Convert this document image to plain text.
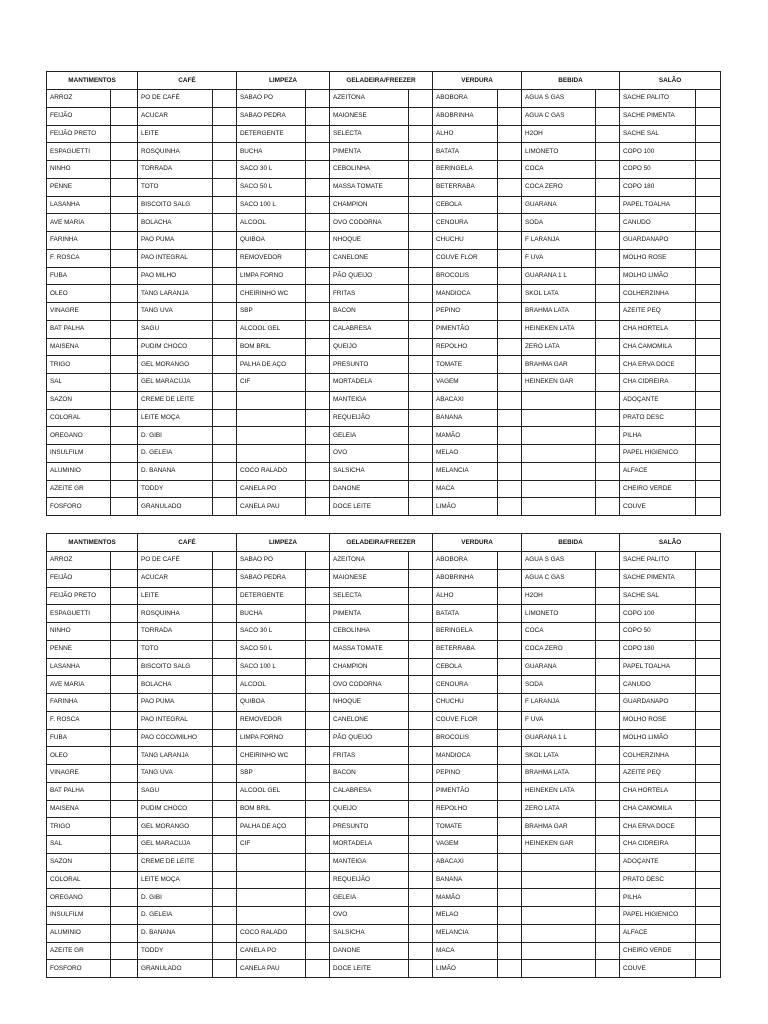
MANTIMENTOS		CAFÉ		LIMPEZA		GELADEIRA/FREEZER		VERDURA		BEBIDA		SALÃO	
ARROZ		PO DE CAFÉ		SABAO PO		AZEITONA		ABOBORA		AGUA S GAS		SACHE PALITO	
FEIJÃO		ACUCAR		SABAO PEDRA		MAIONESE		ABOBRINHA		AGUA C GAS		SACHE PIMENTA	
FEIJÃO PRETO		LEITE		DETERGENTE		SELECTA		ALHO		H2OH		SACHE SAL	
ESPAGUETTI		ROSQUINHA		BUCHA		PIMENTA		BATATA		LIMONETO		COPO 100	
NINHO		TORRADA		SACO 30 L		CEBOLINHA		BERINGELA		COCA		COPO 50	
PENNE		TOTO		SACO 50 L		MASSA TOMATE		BETERRABA		COCA ZERO		COPO 180	
LASANHA		BISCOITO SALG		SACO 100 L		CHAMPION		CEBOLA		GUARANA		PAPEL TOALHA	
AVE MARIA		BOLACHA		ALCOOL		OVO CODORNA		CENOURA		SODA		CANUDO	
FARINHA		PAO PUMA		QUIBOA		NHOQUE		CHUCHU		F LARANJA		GUARDANAPO	
F. ROSCA		PAO INTEGRAL		REMOVEDOR		CANELONE		COUVE FLOR		F UVA		MOLHO ROSE	
FUBA		PAO MILHO		LIMPA FORNO		PÃO QUEIJO		BROCOLIS		GUARANA 1 L		MOLHO LIMÃO	
OLEO		TANG LARANJA		CHEIRINHO WC		FRITAS		MANDIOCA		SKOL LATA		COLHERZINHA	
VINAGRE		TANG UVA		SBP		BACON		PEPINO		BRAHMA LATA		AZEITE PEQ	
BAT PALHA		SAGU		ALCOOL GEL		CALABRESA		PIMENTÃO		HEINEKEN LATA		CHA HORTELA	
MAISENA		PUDIM CHOCO		BOM BRIL		QUEIJO		REPOLHO		ZERO LATA		CHA CAMOMILA	
TRIGO		GEL MORANGO		PALHA DE AÇO		PRESUNTO		TOMATE		BRAHMA GAR		CHA ERVA DOCE	
SAL		GEL MARACUJA		CIF		MORTADELA		VAGEM		HEINEKEN GAR		CHA CIDREIRA	
SAZON		CREME DE LEITE				MANTEIGA		ABACAXI				ADOÇANTE	
COLORAL		LEITE MOÇA				REQUEIJÃO		BANANA				PRATO DESC	
OREGANO		D. GIBI				GELEIA		MAMÃO				PILHA	
INSULFILM		D. GELEIA				OVO		MELAO				PAPEL HIGIENICO	
ALUMINIO		D. BANANA		COCO RALADO		SALSICHA		MELANCIA				ALFACE	
AZEITE GR		TODDY		CANELA PO		DANONE		MACA				CHEIRO VERDE	
FOSFORO		GRANULADO		CANELA PAU		DOCE LEITE		LIMÃO				COUVE	
MANTIMENTOS		CAFÉ		LIMPEZA		GELADEIRA/FREEZER		VERDURA		BEBIDA		SALÃO	
ARROZ		PO DE CAFÉ		SABAO PO		AZEITONA		ABOBORA		AGUA S GAS		SACHE PALITO	
FEIJÃO		ACUCAR		SABAO PEDRA		MAIONESE		ABOBRINHA		AGUA C GAS		SACHE PIMENTA	
FEIJÃO PRETO		LEITE		DETERGENTE		SELECTA		ALHO		H2OH		SACHE SAL	
ESPAGUETTI		ROSQUINHA		BUCHA		PIMENTA		BATATA		LIMONETO		COPO 100	
NINHO		TORRADA		SACO 30 L		CEBOLINHA		BERINGELA		COCA		COPO 50	
PENNE		TOTO		SACO 50 L		MASSA TOMATE		BETERRABA		COCA ZERO		COPO 180	
LASANHA		BISCOITO SALG		SACO 100 L		CHAMPION		CEBOLA		GUARANA		PAPEL TOALHA	
AVE MARIA		BOLACHA		ALCOOL		OVO CODORNA		CENOURA		SODA		CANUDO	
FARINHA		PAO PUMA		QUIBOA		NHOQUE		CHUCHU		F LARANJA		GUARDANAPO	
F. ROSCA		PAO INTEGRAL		REMOVEDOR		CANELONE		COUVE FLOR		F UVA		MOLHO ROSE	
FUBA		PAO COCO/MILHO		LIMPA FORNO		PÃO QUEIJO		BROCOLIS		GUARANA 1 L		MOLHO LIMÃO	
OLEO		TANG LARANJA		CHEIRINHO WC		FRITAS		MANDIOCA		SKOL LATA		COLHERZINHA	
VINAGRE		TANG UVA		SBP		BACON		PEPINO		BRAHMA LATA		AZEITE PEQ	
BAT PALHA		SAGU		ALCOOL GEL		CALABRESA		PIMENTÃO		HEINEKEN LATA		CHA HORTELA	
MAISENA		PUDIM CHOCO		BOM BRIL		QUEIJO		REPOLHO		ZERO LATA		CHA CAMOMILA	
TRIGO		GEL MORANGO		PALHA DE AÇO		PRESUNTO		TOMATE		BRAHMA GAR		CHA ERVA DOCE	
SAL		GEL MARACUJA		CIF		MORTADELA		VAGEM		HEINEKEN GAR		CHA CIDREIRA	
SAZON		CREME DE LEITE				MANTEIGA		ABACAXI				ADOÇANTE	
COLORAL		LEITE MOÇA				REQUEIJÃO		BANANA				PRATO DESC	
OREGANO		D. GIBI				GELEIA		MAMÃO				PILHA	
INSULFILM		D. GELEIA				OVO		MELAO				PAPEL HIGIENICO	
ALUMINIO		D. BANANA		COCO RALADO		SALSICHA		MELANCIA				ALFACE	
AZEITE GR		TODDY		CANELA PO		DANONE		MACA				CHEIRO VERDE	
FOSFORO		GRANULADO		CANELA PAU		DOCE LEITE		LIMÃO				COUVE	
